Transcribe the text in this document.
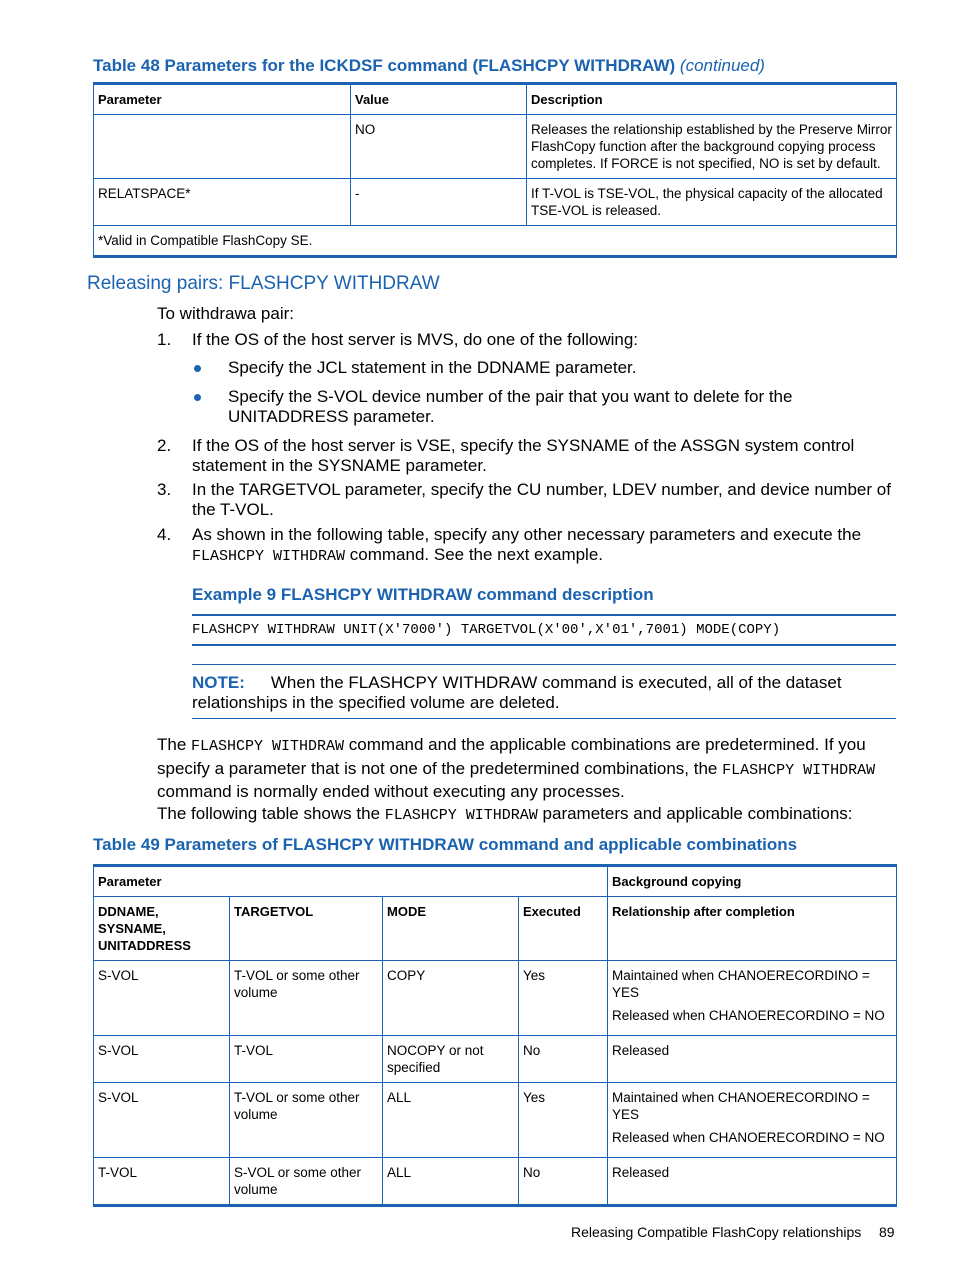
Table 48 Parameters for the ICKDSF command (FLASHCPY WITHDRAW) (continued)
Parameter	Value	Description
	NO	Releases the relationship established by the Preserve Mirror FlashCopy function after the background copying process completes. If FORCE is not specified, NO is set by default.
RELATSPACE*	-	If T-VOL is TSE-VOL, the physical capacity of the allocated TSE-VOL is released.
*Valid in Compatible FlashCopy SE.		
Releasing pairs: FLASHCPY WITHDRAW
To withdrawa pair:
1. If the OS of the host server is MVS, do one of the following:
Specify the JCL statement in the DDNAME parameter.
Specify the S-VOL device number of the pair that you want to delete for the UNITADDRESS parameter.
2. If the OS of the host server is VSE, specify the SYSNAME of the ASSGN system control statement in the SYSNAME parameter.
3. In the TARGETVOL parameter, specify the CU number, LDEV number, and device number of the T-VOL.
4. As shown in the following table, specify any other necessary parameters and execute the FLASHCPY WITHDRAW command. See the next example.
Example 9 FLASHCPY WITHDRAW command description
FLASHCPY WITHDRAW UNIT(X'7000') TARGETVOL(X'00',X'01',7001) MODE(COPY)
NOTE: When the FLASHCPY WITHDRAW command is executed, all of the dataset relationships in the specified volume are deleted.
The FLASHCPY WITHDRAW command and the applicable combinations are predetermined. If you specify a parameter that is not one of the predetermined combinations, the FLASHCPY WITHDRAW command is normally ended without executing any processes.
The following table shows the FLASHCPY WITHDRAW parameters and applicable combinations:
Table 49 Parameters of FLASHCPY WITHDRAW command and applicable combinations
Parameter				Background copying
DDNAME, SYSNAME, UNITADDRESS	TARGETVOL	MODE	Executed	Relationship after completion
S-VOL	T-VOL or some other volume	COPY	Yes	Maintained when CHANOERECORDINO = YES

Released when CHANOERECORDINO = NO

S-VOL	T-VOL	NOCOPY or not specified	No	Released

S-VOL	T-VOL or some other volume	ALL	Yes	Maintained when CHANOERECORDINO = YES

Released when CHANOERECORDINO = NO

T-VOL	S-VOL or some other volume	ALL	No	Released

Releasing Compatible FlashCopy relationships 89
